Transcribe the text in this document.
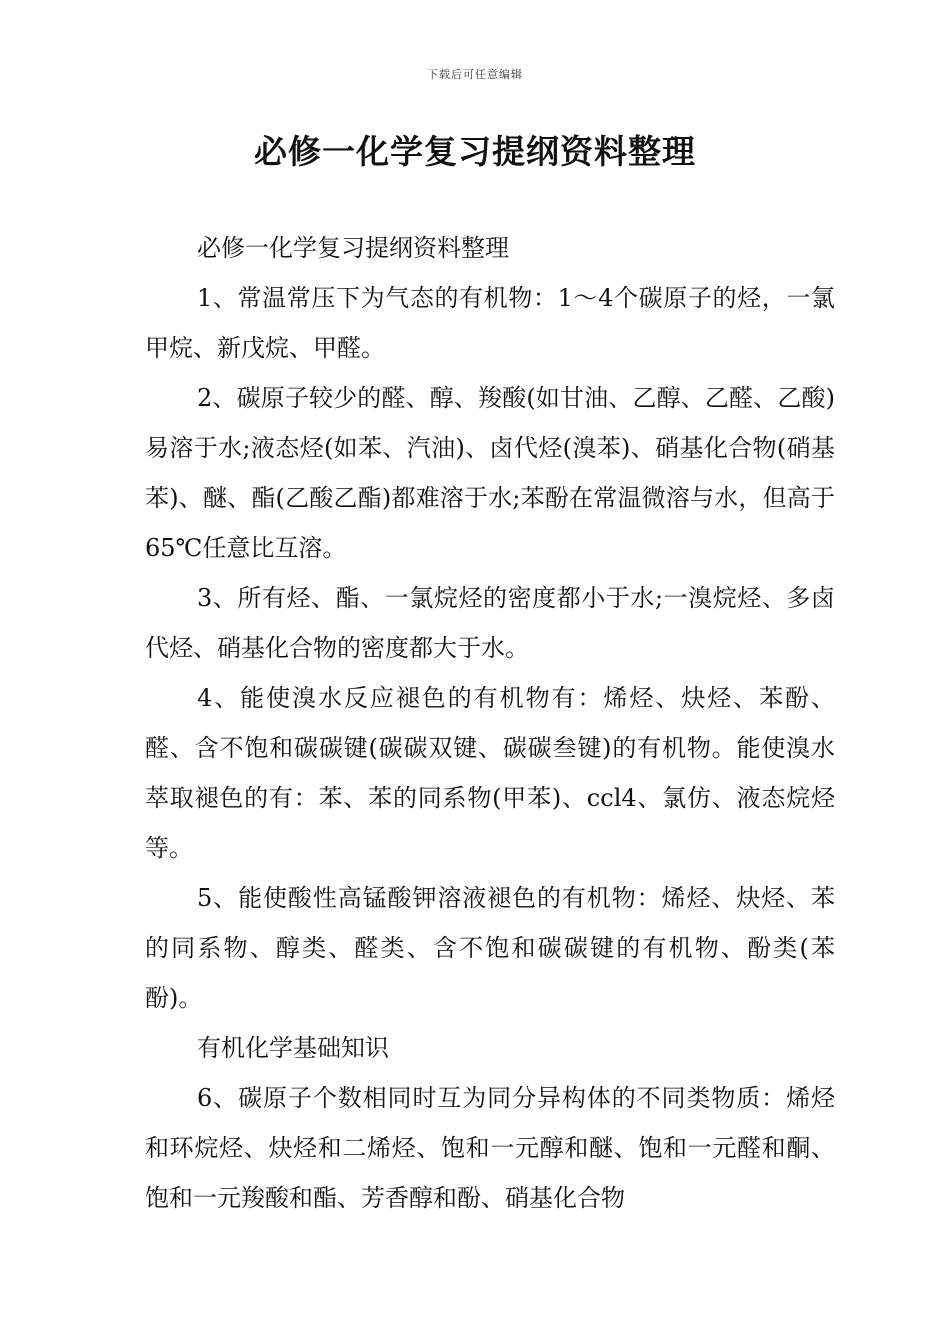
下载后可任意编辑
必修一化学复习提纲资料整理

必修一化学复习提纲资料整理

1、常温常压下为气态的有机物：1～4个碳原子的烃，一氯甲烷、新戊烷、甲醛。

2、碳原子较少的醛、醇、羧酸(如甘油、乙醇、乙醛、乙酸)易溶于水;液态烃(如苯、汽油)、卤代烃(溴苯)、硝基化合物(硝基苯)、醚、酯(乙酸乙酯)都难溶于水;苯酚在常温微溶与水，但高于65℃任意比互溶。

3、所有烃、酯、一氯烷烃的密度都小于水;一溴烷烃、多卤代烃、硝基化合物的密度都大于水。

4、能使溴水反应褪色的有机物有：烯烃、炔烃、苯酚、醛、含不饱和碳碳键(碳碳双键、碳碳叁键)的有机物。能使溴水萃取褪色的有：苯、苯的同系物(甲苯)、ccl4、氯仿、液态烷烃等。

5、能使酸性高锰酸钾溶液褪色的有机物：烯烃、炔烃、苯的同系物、醇类、醛类、含不饱和碳碳键的有机物、酚类(苯酚)。

有机化学基础知识

6、碳原子个数相同时互为同分异构体的不同类物质：烯烃和环烷烃、炔烃和二烯烃、饱和一元醇和醚、饱和一元醛和酮、饱和一元羧酸和酯、芳香醇和酚、硝基化合物
